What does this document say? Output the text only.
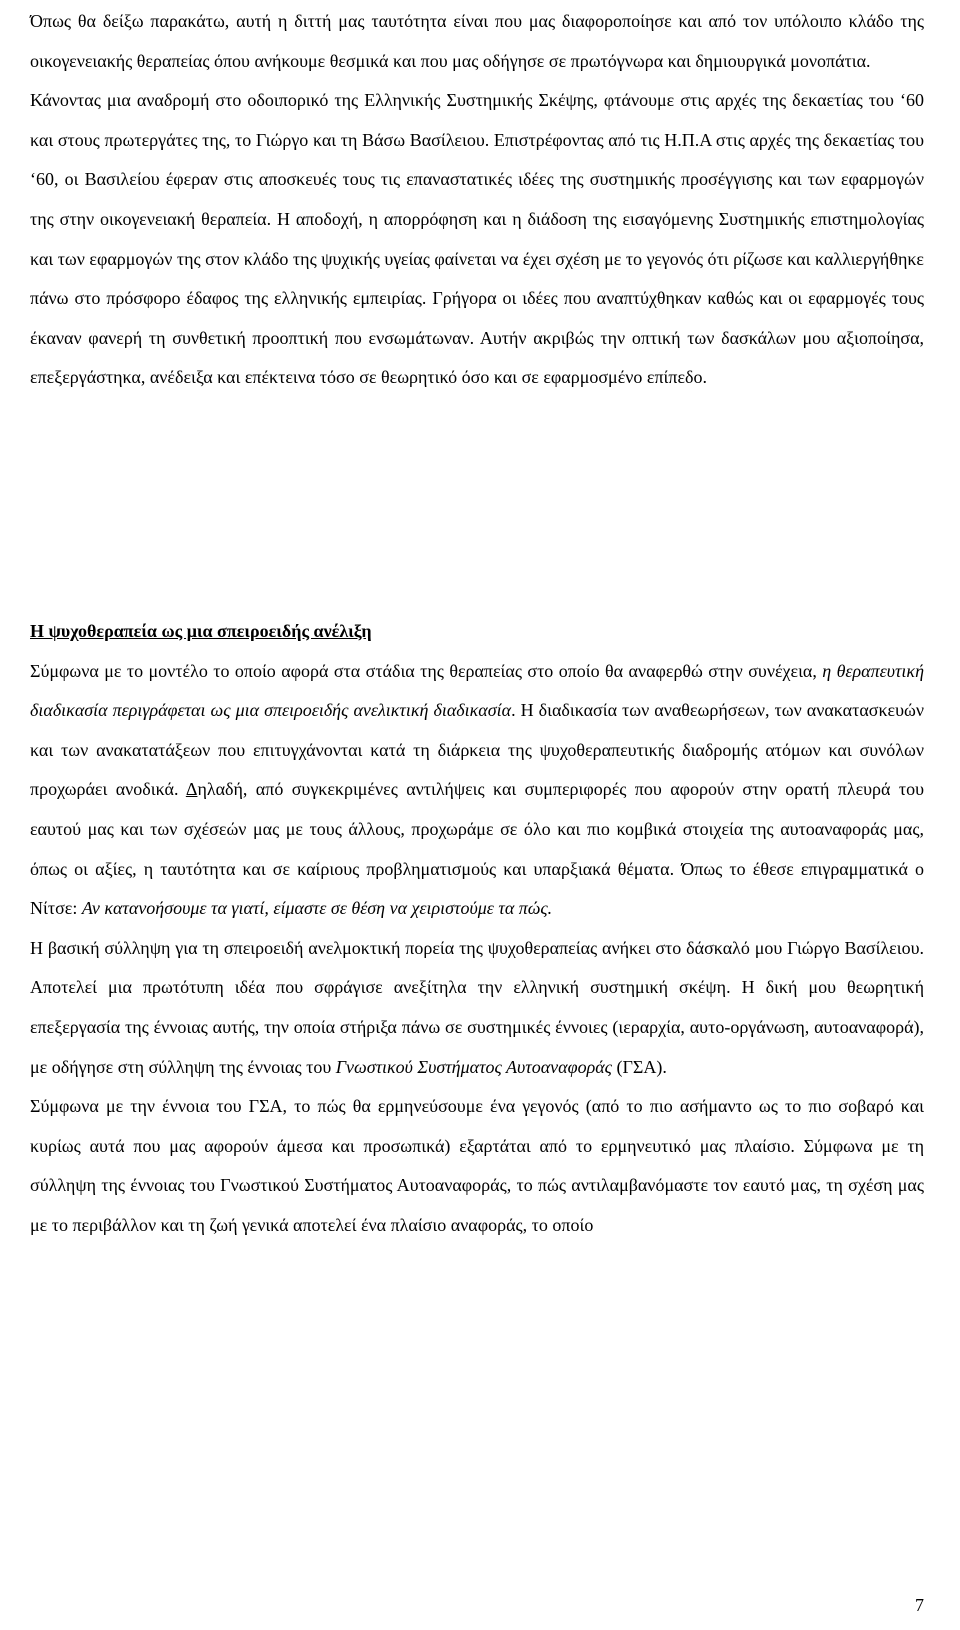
Όπως θα δείξω παρακάτω, αυτή η διττή μας ταυτότητα είναι που μας διαφοροποίησε και από τον υπόλοιπο κλάδο της οικογενειακής θεραπείας όπου ανήκουμε θεσμικά και που μας οδήγησε σε πρωτόγνωρα και δημιουργικά μονοπάτια.

Κάνοντας μια αναδρομή στο οδοιπορικό της Ελληνικής Συστημικής Σκέψης, φτάνουμε στις αρχές της δεκαετίας του ‘60 και στους πρωτεργάτες της, το Γιώργο και τη Βάσω Βασίλειου. Επιστρέφοντας από τις Η.Π.Α στις αρχές της δεκαετίας του ‘60, οι Βασιλείου έφεραν στις αποσκευές τους τις επαναστατικές ιδέες της συστημικής προσέγγισης και των εφαρμογών της στην οικογενειακή θεραπεία. Η αποδοχή, η απορρόφηση και η διάδοση της εισαγόμενης Συστημικής επιστημολογίας και των εφαρμογών της στον κλάδο της ψυχικής υγείας φαίνεται να έχει σχέση με το γεγονός ότι ρίζωσε και καλλιεργήθηκε πάνω στο πρόσφορο έδαφος της ελληνικής εμπειρίας. Γρήγορα οι ιδέες που αναπτύχθηκαν καθώς και οι εφαρμογές τους έκαναν φανερή τη συνθετική προοπτική που ενσωμάτωναν. Αυτήν ακριβώς την οπτική των δασκάλων μου αξιοποίησα, επεξεργάστηκα, ανέδειξα και επέκτεινα τόσο σε θεωρητικό όσο και σε εφαρμοσμένο επίπεδο.

Σύμφωνα με το μοντέλο το οποίο αφορά στα στάδια της θεραπείας στο οποίο θα αναφερθώ στην συνέχεια, η θεραπευτική διαδικασία περιγράφεται ως μια σπειροειδής ανελικτική διαδικασία. Η διαδικασία των αναθεωρήσεων, των ανακατασκευών και των ανακατατάξεων που επιτυγχάνονται κατά τη διάρκεια της ψυχοθεραπευτικής διαδρομής ατόμων και συνόλων προχωράει ανοδικά. Δηλαδή, από συγκεκριμένες αντιλήψεις και συμπεριφορές που αφορούν στην ορατή πλευρά του εαυτού μας και των σχέσεών μας με τους άλλους, προχωράμε σε όλο και πιο κομβικά στοιχεία της αυτοαναφοράς μας, όπως οι αξίες, η ταυτότητα και σε καίριους προβληματισμούς και υπαρξιακά θέματα. Όπως το έθεσε επιγραμματικά ο Νίτσε: Αν κατανοήσουμε τα γιατί, είμαστε σε θέση να χειριστούμε τα πώς.

Η βασική σύλληψη για τη σπειροειδή ανελμοκτική πορεία της ψυχοθεραπείας ανήκει στο δάσκαλό μου Γιώργο Βασίλειου. Αποτελεί μια πρωτότυπη ιδέα που σφράγισε ανεξίτηλα την ελληνική συστημική σκέψη. Η δική μου θεωρητική επεξεργασία της έννοιας αυτής, την οποία στήριξα πάνω σε συστημικές έννοιες (ιεραρχία, αυτο-οργάνωση, αυτοαναφορά), με οδήγησε στη σύλληψη της έννοιας του Γνωστικού Συστήματος Αυτοαναφοράς (ΓΣΑ).

Σύμφωνα με την έννοια του ΓΣΑ, το πώς θα ερμηνεύσουμε ένα γεγονός (από το πιο ασήμαντο ως το πιο σοβαρό και κυρίως αυτά που μας αφορούν άμεσα και προσωπικά) εξαρτάται από το ερμηνευτικό μας πλαίσιο. Σύμφωνα με τη σύλληψη της έννοιας του Γνωστικού Συστήματος Αυτοαναφοράς, το πώς αντιλαμβανόμαστε τον εαυτό μας, τη σχέση μας με το περιβάλλον και τη ζωή γενικά αποτελεί ένα πλαίσιο αναφοράς, το οποίο

Η ψυχοθεραπεία ως μια σπειροειδής ανέλιξη
7
